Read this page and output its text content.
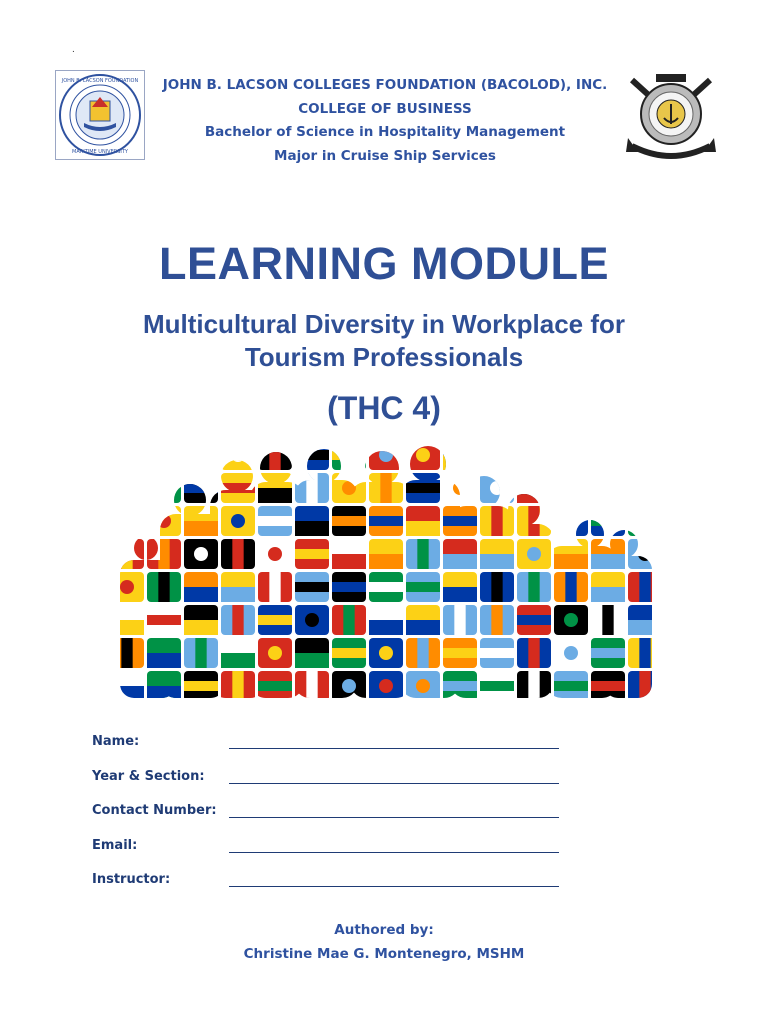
.
JOHN B. LACSON FOUNDATION
MARITIME UNIVERSITY
JOHN B. LACSON COLLEGES FOUNDATION (BACOLOD), INC.
COLLEGE OF BUSINESS
Bachelor of Science in Hospitality Management
Major in Cruise Ship Services
LEARNING MODULE
Multicultural Diversity in Workplace for
Tourism Professionals
(THC 4)
Name:
Year & Section:
Contact Number:
Email:
Instructor:
Authored by:
Christine Mae G. Montenegro, MSHM
